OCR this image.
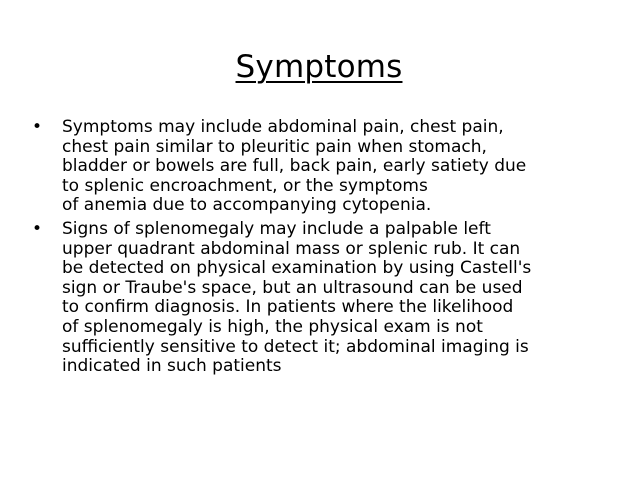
Symptoms
• Symptoms may include abdominal pain, chest pain,
chest pain similar to pleuritic pain when stomach,
bladder or bowels are full, back pain, early satiety due
to splenic encroachment, or the symptoms
of anemia due to accompanying cytopenia.
• Signs of splenomegaly may include a palpable left
upper quadrant abdominal mass or splenic rub. It can
be detected on physical examination by using Castell's
sign or Traube's space, but an ultrasound can be used
to confirm diagnosis. In patients where the likelihood
of splenomegaly is high, the physical exam is not
sufficiently sensitive to detect it; abdominal imaging is
indicated in such patients
